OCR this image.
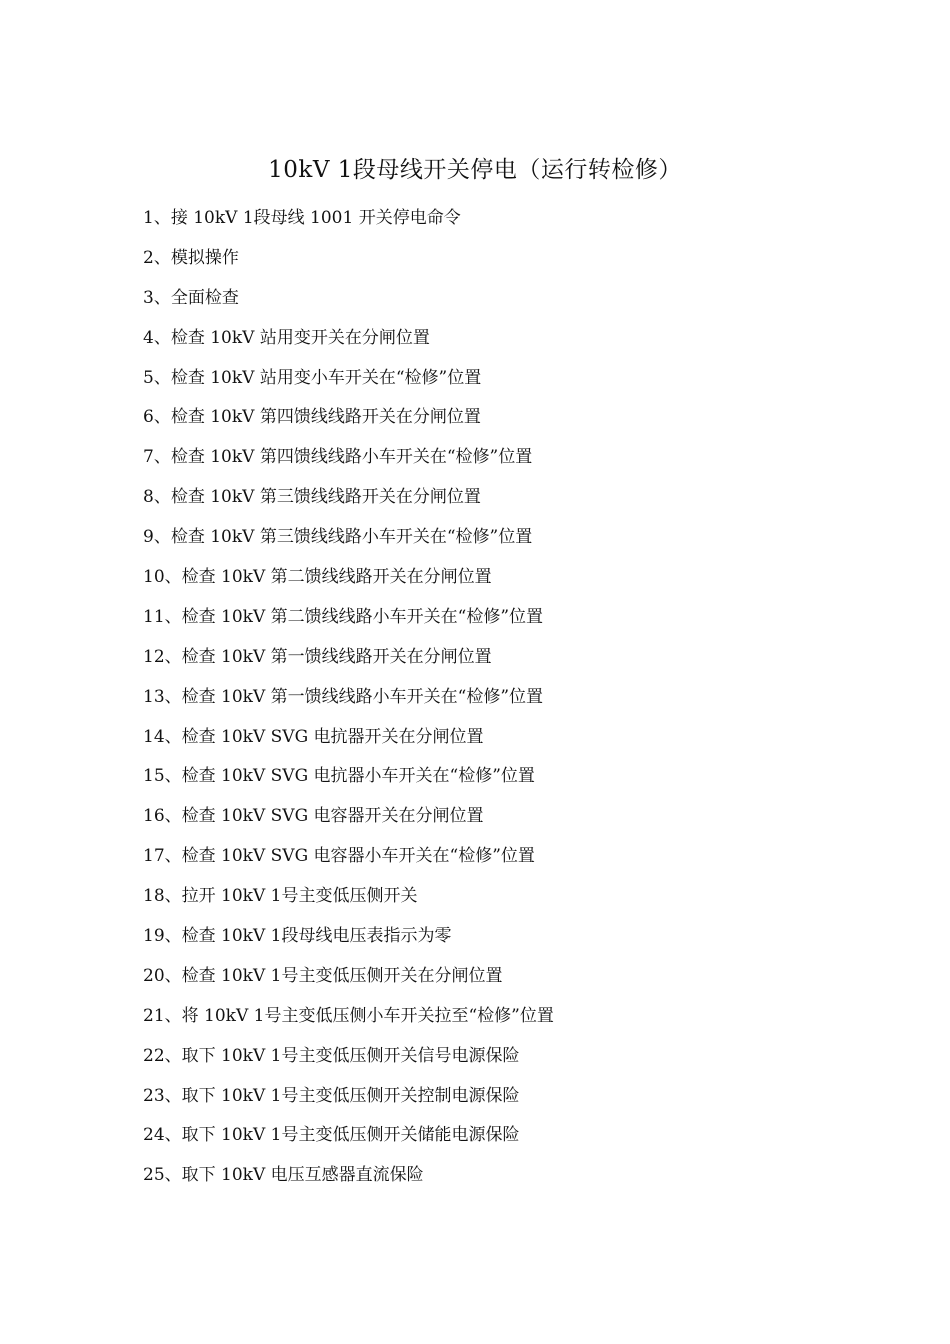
10kV 1段母线开关停电（运行转检修）
1、接 10kV 1段母线 1001 开关停电命令
2、模拟操作
3、全面检查
4、检查 10kV 站用变开关在分闸位置
5、检查 10kV 站用变小车开关在“检修”位置
6、检查 10kV 第四馈线线路开关在分闸位置
7、检查 10kV 第四馈线线路小车开关在“检修”位置
8、检查 10kV 第三馈线线路开关在分闸位置
9、检查 10kV 第三馈线线路小车开关在“检修”位置
10、检查 10kV 第二馈线线路开关在分闸位置
11、检查 10kV 第二馈线线路小车开关在“检修”位置
12、检查 10kV 第一馈线线路开关在分闸位置
13、检查 10kV 第一馈线线路小车开关在“检修”位置
14、检查 10kV SVG 电抗器开关在分闸位置
15、检查 10kV SVG 电抗器小车开关在“检修”位置
16、检查 10kV SVG 电容器开关在分闸位置
17、检查 10kV SVG 电容器小车开关在“检修”位置
18、拉开 10kV 1号主变低压侧开关
19、检查 10kV 1段母线电压表指示为零
20、检查 10kV 1号主变低压侧开关在分闸位置
21、将 10kV 1号主变低压侧小车开关拉至“检修”位置
22、取下 10kV 1号主变低压侧开关信号电源保险
23、取下 10kV 1号主变低压侧开关控制电源保险
24、取下 10kV 1号主变低压侧开关储能电源保险
25、取下 10kV 电压互感器直流保险
